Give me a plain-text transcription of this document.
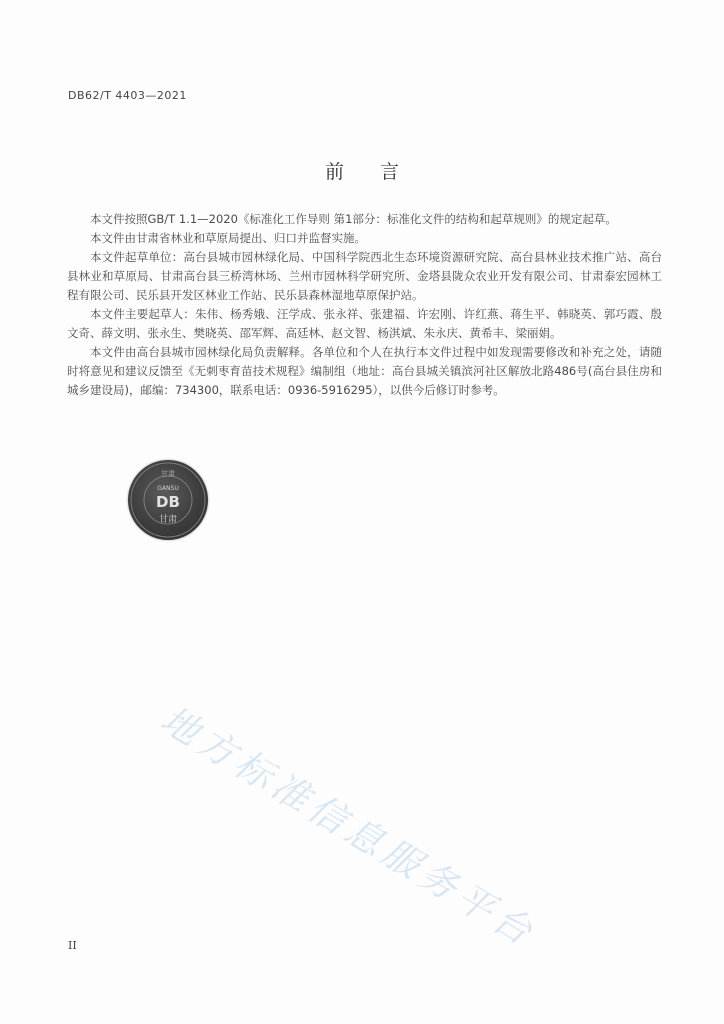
DB62/T 4403—2021
前言

本文件按照GB/T 1.1—2020《标准化工作导则 第1部分：标准化文件的结构和起草规则》的规定起草。

本文件由甘肃省林业和草原局提出、归口并监督实施。

本文件起草单位：高台县城市园林绿化局、中国科学院西北生态环境资源研究院、高台县林业技术推广站、高台县林业和草原局、甘肃高台县三桥湾林场、兰州市园林科学研究所、金塔县陇众农业开发有限公司、甘肃泰宏园林工程有限公司、民乐县开发区林业工作站、民乐县森林湿地草原保护站。

本文件主要起草人：朱伟、杨秀娥、汪学成、张永祥、张建福、许宏刚、许红燕、蒋生平、韩晓英、郭巧霞、殷文奇、薛文明、张永生、樊晓英、邵军辉、高廷林、赵文智、杨淇斌、朱永庆、黄希丰、梁丽娟。

本文件由高台县城市园林绿化局负责解释。各单位和个人在执行本文件过程中如发现需要修改和补充之处，请随时将意见和建议反馈至《无刺枣育苗技术规程》编制组（地址：高台县城关镇滨河社区解放北路486号(高台县住房和城乡建设局)，邮编：734300，联系电话：0936-5916295），以供今后修订时参考。

甘肃
GANSU
DB
甘肃
地方标准信息服务平台
II
